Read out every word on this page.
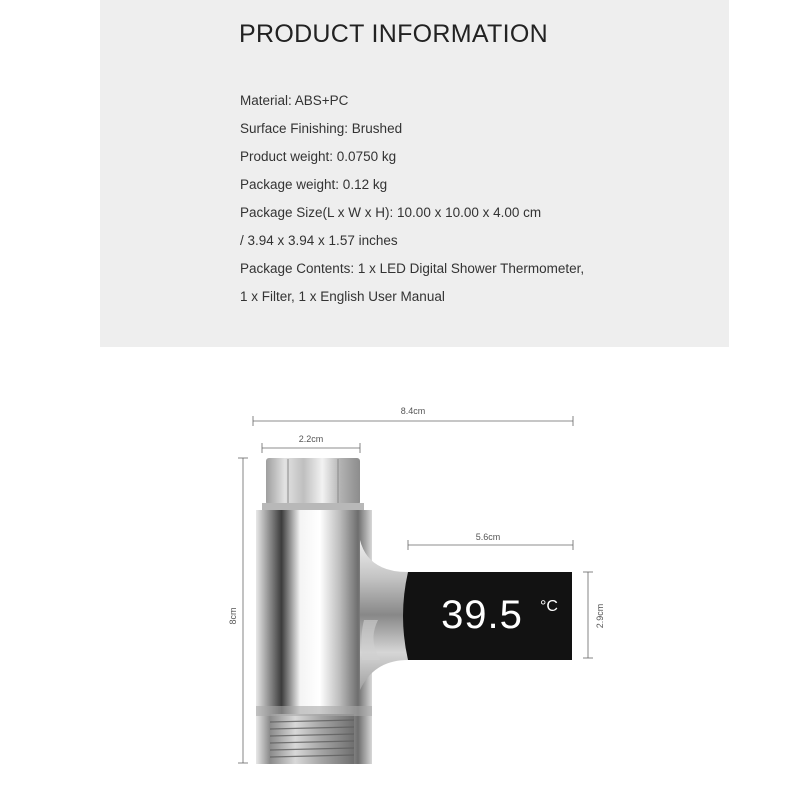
PRODUCT INFORMATION
Material: ABS+PC
Surface Finishing: Brushed
Product weight: 0.0750 kg
Package weight: 0.12 kg
Package Size(L x W x H): 10.00 x 10.00 x 4.00 cm
/ 3.94 x 3.94 x 1.57 inches
Package Contents: 1 x LED Digital Shower Thermometer,
1 x Filter, 1 x English User Manual
8.4cm
2.2cm
8cm
5.6cm
2.9cm
39.5 °C
